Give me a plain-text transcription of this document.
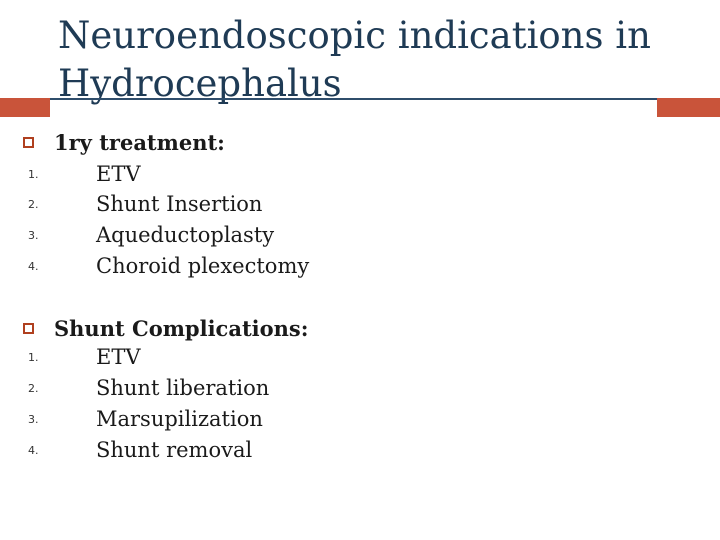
Neuroendoscopic indications in
Hydrocephalus
1ry treatment:
1.	ETV
2.	Shunt Insertion
3.	Aqueductoplasty
4.	Choroid plexectomy
Shunt Complications:
1.	ETV
2.	Shunt liberation
3.	Marsupilization
4.	Shunt removal
